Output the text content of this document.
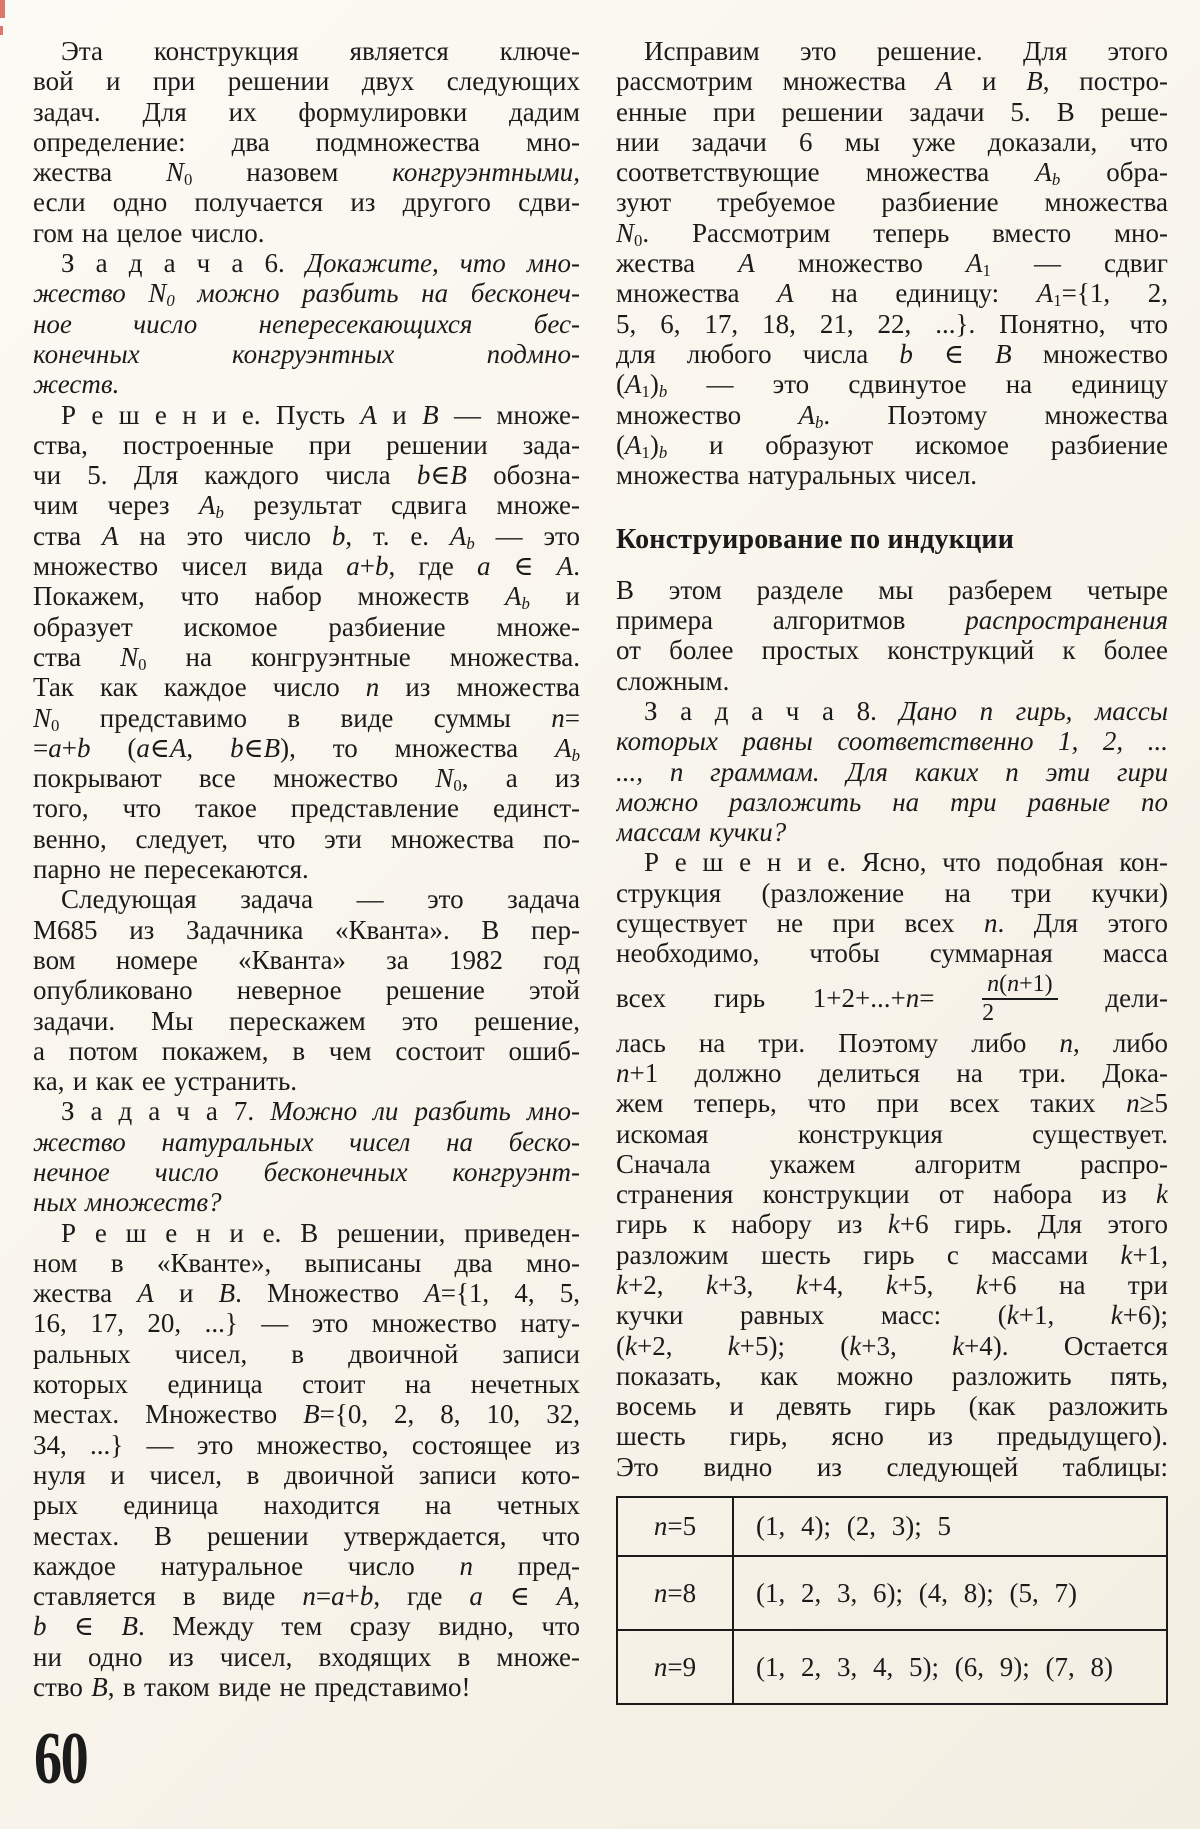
Эта конструкция является ключе-
вой и при решении двух следующих
задач. Для их формулировки дадим
определение: два подмножества мно-
жества N0 назовем конгруэнтными,
если одно получается из другого сдви-
гом на целое число.
З а д а ч а 6. Докажите, что мно-
жество N0 можно разбить на бесконеч-
ное число непересекающихся бес-
конечных конгруэнтных подмно-
жеств.
Р е ш е н и е. Пусть A и B — множе-
ства, построенные при решении зада-
чи 5. Для каждого числа b∈B обозна-
чим через Ab результат сдвига множе-
ства A на это число b, т. е. Ab — это
множество чисел вида a+b, где a ∈ A.
Покажем, что набор множеств Ab и
образует искомое разбиение множе-
ства N0 на конгруэнтные множества.
Так как каждое число n из множества
N0 представимо в виде суммы n=
=a+b (a∈A, b∈B), то множества Ab
покрывают все множество N0, а из
того, что такое представление единст-
венно, следует, что эти множества по-
парно не пересекаются.
Следующая задача — это задача
М685 из Задачника «Кванта». В пер-
вом номере «Кванта» за 1982 год
опубликовано неверное решение этой
задачи. Мы перескажем это решение,
а потом покажем, в чем состоит ошиб-
ка, и как ее устранить.
З а д а ч а 7. Можно ли разбить мно-
жество натуральных чисел на беско-
нечное число бесконечных конгруэнт-
ных множеств?
Р е ш е н и е. В решении, приведен-
ном в «Кванте», выписаны два мно-
жества A и B. Множество A={1, 4, 5,
16, 17, 20, ...} — это множество нату-
ральных чисел, в двоичной записи
которых единица стоит на нечетных
местах. Множество B={0, 2, 8, 10, 32,
34, ...} — это множество, состоящее из
нуля и чисел, в двоичной записи кото-
рых единица находится на четных
местах. В решении утверждается, что
каждое натуральное число n пред-
ставляется в виде n=a+b, где a ∈ A,
b ∈ B. Между тем сразу видно, что
ни одно из чисел, входящих в множе-
ство B, в таком виде не представимо!
Исправим это решение. Для этого
рассмотрим множества A и B, постро-
енные при решении задачи 5. В реше-
нии задачи 6 мы уже доказали, что
соответствующие множества Ab обра-
зуют требуемое разбиение множества
N0. Рассмотрим теперь вместо мно-
жества A множество A1 — сдвиг
множества A на единицу: A1={1, 2,
5, 6, 17, 18, 21, 22, ...}. Понятно, что
для любого числа b ∈ B множество
(A1)b — это сдвинутое на единицу
множество Ab. Поэтому множества
(A1)b и образуют искомое разбиение
множества натуральных чисел.
Конструирование по индукции
В этом разделе мы разберем четыре
примера алгоритмов распространения
от более простых конструкций к более
сложным.
З а д а ч а 8. Дано n гирь, массы
которых равны соответственно 1, 2, ...
..., n граммам. Для каких n эти гири
можно разложить на три равные по
массам кучки?
Р е ш е н и е. Ясно, что подобная кон-
струкция (разложение на три кучки)
существует не при всех n. Для этого
необходимо, чтобы суммарная масса
всех гирь $1+2+...+n= \frac{n(n+1)}{2}$ дели-
лась на три. Поэтому либо n, либо
n+1 должно делиться на три. Дока-
жем теперь, что при всех таких n≥5
искомая конструкция существует.
Сначала укажем алгоритм распро-
странения конструкции от набора из k
гирь к набору из k+6 гирь. Для этого
разложим шесть гирь с массами k+1,
k+2, k+3, k+4, k+5, k+6 на три
кучки равных масс: (k+1, k+6);
(k+2, k+5); (k+3, k+4). Остается
показать, как можно разложить пять,
восемь и девять гирь (как разложить
шесть гирь, ясно из предыдущего).
Это видно из следующей таблицы:
n=5	(1, 4); (2, 3); 5
n=8	(1, 2, 3, 6); (4, 8); (5, 7)
n=9	(1, 2, 3, 4, 5); (6, 9); (7, 8)
60
